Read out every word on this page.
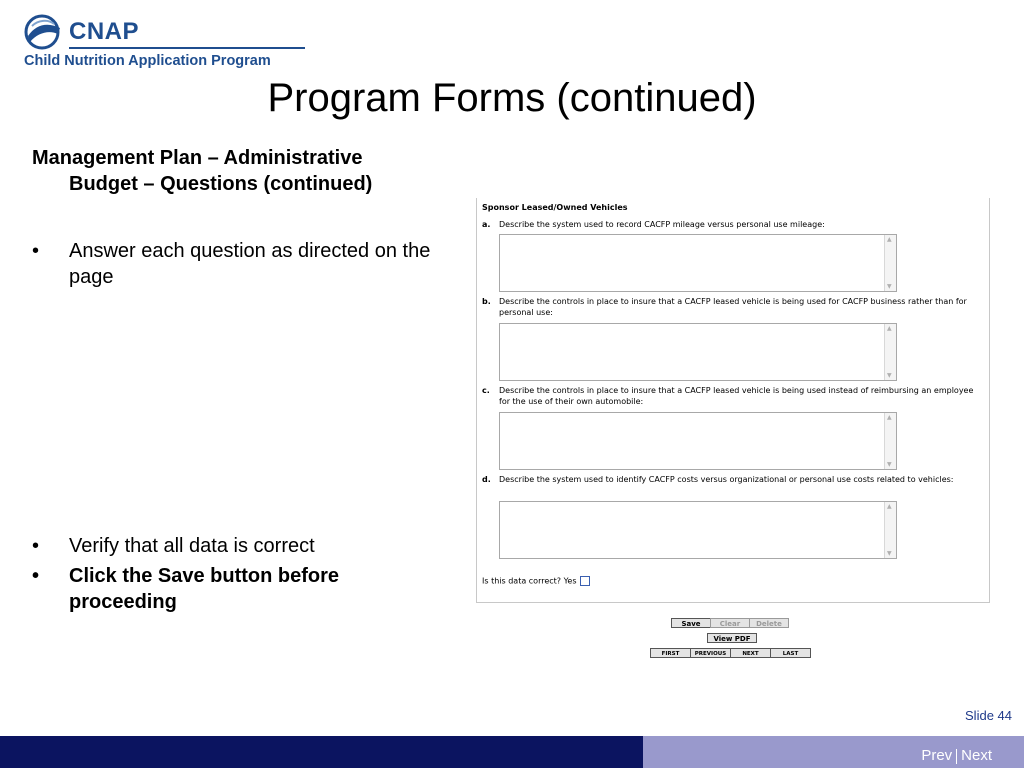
CNAP
Child Nutrition Application Program
Program Forms (continued)
Management Plan – Administrative
Budget – Questions (continued)
•	Answer each question as directed on the page
•	Verify that all data is correct
•	Click the Save button before proceeding
Sponsor Leased/Owned Vehicles
a.	Describe the system used to record CACFP mileage versus personal use mileage:
▲
▼
b.	Describe the controls in place to insure that a CACFP leased vehicle is being used for CACFP business rather than for personal use:
▲
▼
c.	Describe the controls in place to insure that a CACFP leased vehicle is being used instead of reimbursing an employee for the use of their own automobile:
▲
▼
d.	Describe the system used to identify CACFP costs versus organizational or personal use costs related to vehicles:
▲
▼
Is this data correct? Yes
Save	Clear	Delete
View PDF
FIRST	PREVIOUS	NEXT	LAST
Slide 44
Prev Next
